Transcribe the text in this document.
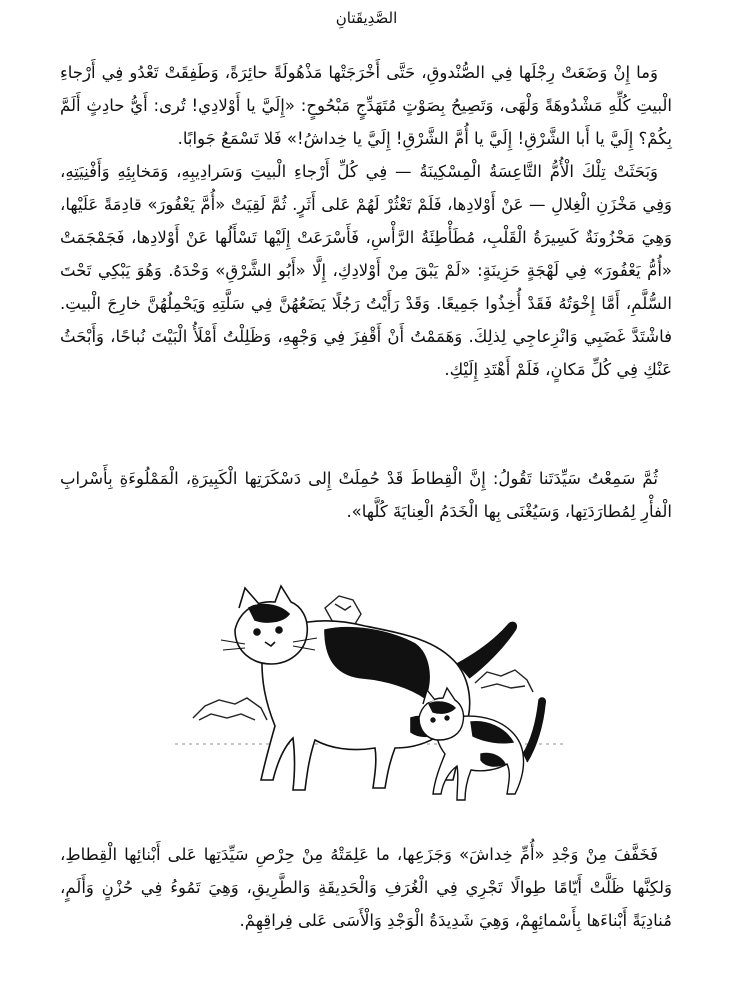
الصَّدِيقَتانِ

وَما إِنْ وَضَعَتْ رِجْلَها فِي الصُّنْدوقِ، حَتَّى أَخْرَجَتْها مَذْهُولَةً حائِرَةً، وَطَفِقَتْ تَعْدُو فِي أَرْجاءِ الْبيتِ كُلِّهِ مَشْدُوهَةً وَلْهَى، وَتَصِيحُ بِصَوْتٍ مُتَهَدِّجٍ مَبْحُوحٍ: «إِلَيَّ يا أَوْلادِي! تُرى: أَيُّ حادِثٍ أَلَمَّ بِكُمْ؟ إِلَيَّ يا أَبا الشَّرْقِ! إِلَيَّ يا أُمَّ الشَّرْقِ! إِلَيَّ يا خِداشُ!» فَلا تَسْمَعُ جَوابًا.

وَبَحَثَتْ تِلْكَ الْأُمُّ التَّاعِسَةُ الْمِسْكِينَةُ — فِي كُلِّ أَرْجاءِ الْبيتِ وَسَرادِيبِهِ، وَمَخابِئِهِ وَأَفْنِيَتِهِ، وَفِي مَخْزَنِ الْغِلالِ — عَنْ أَوْلادِها، فَلَمْ تَعْثُرْ لَهُمْ عَلى أَثَرٍ. ثُمَّ لَقِيَتْ «أُمَّ يَعْفُورَ» قادِمَةً عَلَيْها، وَهِيَ مَحْزُونَةٌ كَسِيرَةُ الْقَلْبِ، مُطَأْطِئَةُ الرَّأْسِ، فَأَسْرَعَتْ إِلَيْها تَسْأَلُها عَنْ أَوْلادِها، فَجَمْجَمَتْ «أُمُّ يَعْفُورَ» فِي لَهْجَةٍ حَزِينَةٍ: «لَمْ يَبْقَ مِنْ أَوْلادِكِ، إِلَّا «أَبُو الشَّرْقِ» وَحْدَهُ. وَهُوَ يَبْكِي تَحْتَ السُّلَّمِ، أَمَّا إِخْوَتُهُ فَقَدْ أُخِذُوا جَمِيعًا. وَقَدْ رَأَيْتُ رَجُلًا يَضَعُهُنَّ فِي سَلَّتِهِ وَيَحْمِلُهُنَّ خارِجَ الْبيتِ. فاشْتَدَّ غَضَبِي وَانْزِعاجِي لِذلِكَ. وَهَمَمْتُ أَنْ أَقْفِزَ فِي وَجْهِهِ، وَظَلِلْتُ أَمْلَأُ الْبَيْتَ نُباحًا، وَأَبْحَثُ عَنْكِ فِي كُلِّ مَكانٍ، فَلَمْ أَهْتَدِ إِلَيْكِ.

ثُمَّ سَمِعْتُ سَيِّدَتَنا تَقُولُ: إِنَّ الْقِطاطَ قَدْ حُمِلَتْ إِلى دَسْكَرَتِها الْكَبِيرَةِ، الْمَمْلُوءَةِ بِأَسْرابِ الْفأْرِ لِمُطارَدَتِها، وَسَيُغْنَى بِها الْخَدَمُ الْعِنايَةَ كُلَّها».

فَخَفَّفَ مِنْ وَجْدِ «أُمِّ خِداشَ» وَجَزَعِها، ما عَلِمَتْهُ مِنْ حِرْصِ سَيِّدَتِها عَلى أَبْنائِها الْقِطاطِ، وَلكِنَّها ظَلَّتْ أَيّامًا طِوالًا تَجْرِي فِي الْغُرَفِ وَالْحَدِيقَةِ وَالطَّرِيقِ، وَهِيَ تَمُوءُ فِي حُزْنٍ وَأَلَمٍ، مُنادِيَةً أَبْناءَها بِأَسْمائِهِمْ، وَهِيَ شَدِيدَةُ الْوَجْدِ وَالْأَسَى عَلى فِراقِهِمْ.
